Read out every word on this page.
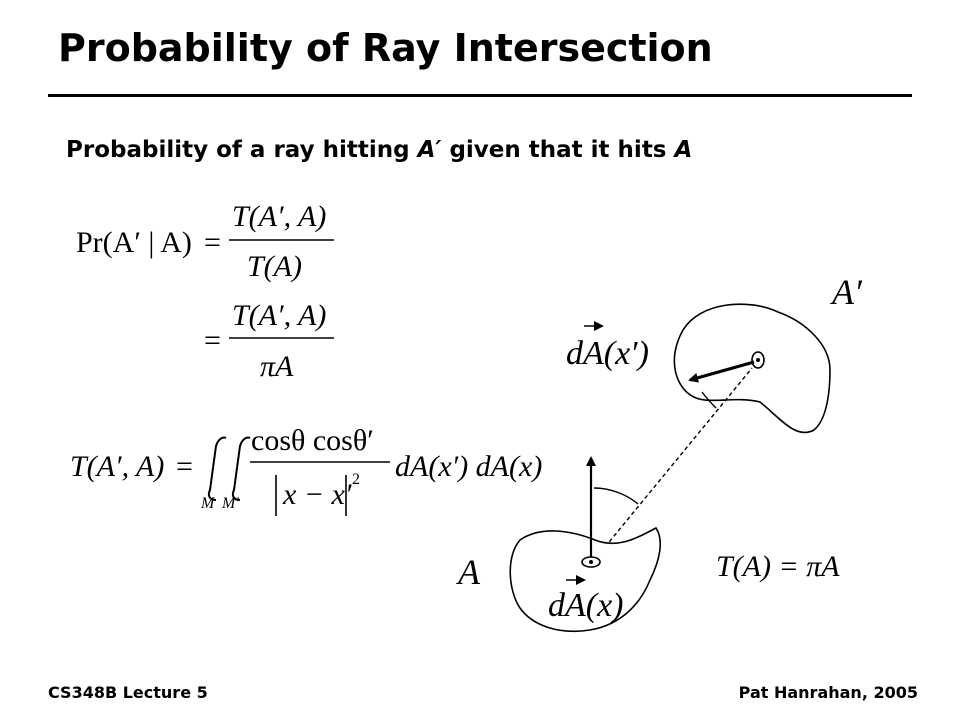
Probability of Ray Intersection
Probability of a ray hitting A′ given that it hits A
Pr(A′ | A) =
T(A′, A)
T(A)
=
T(A′, A)
πA
T(A′, A) =
M M′
cosθ cosθ′
x − x′ 2 dA(x′) dA(x)
A′
A
dA(x′)
dA(x)
T(A) = πA
CS348B Lecture 5	Pat Hanrahan, 2005
